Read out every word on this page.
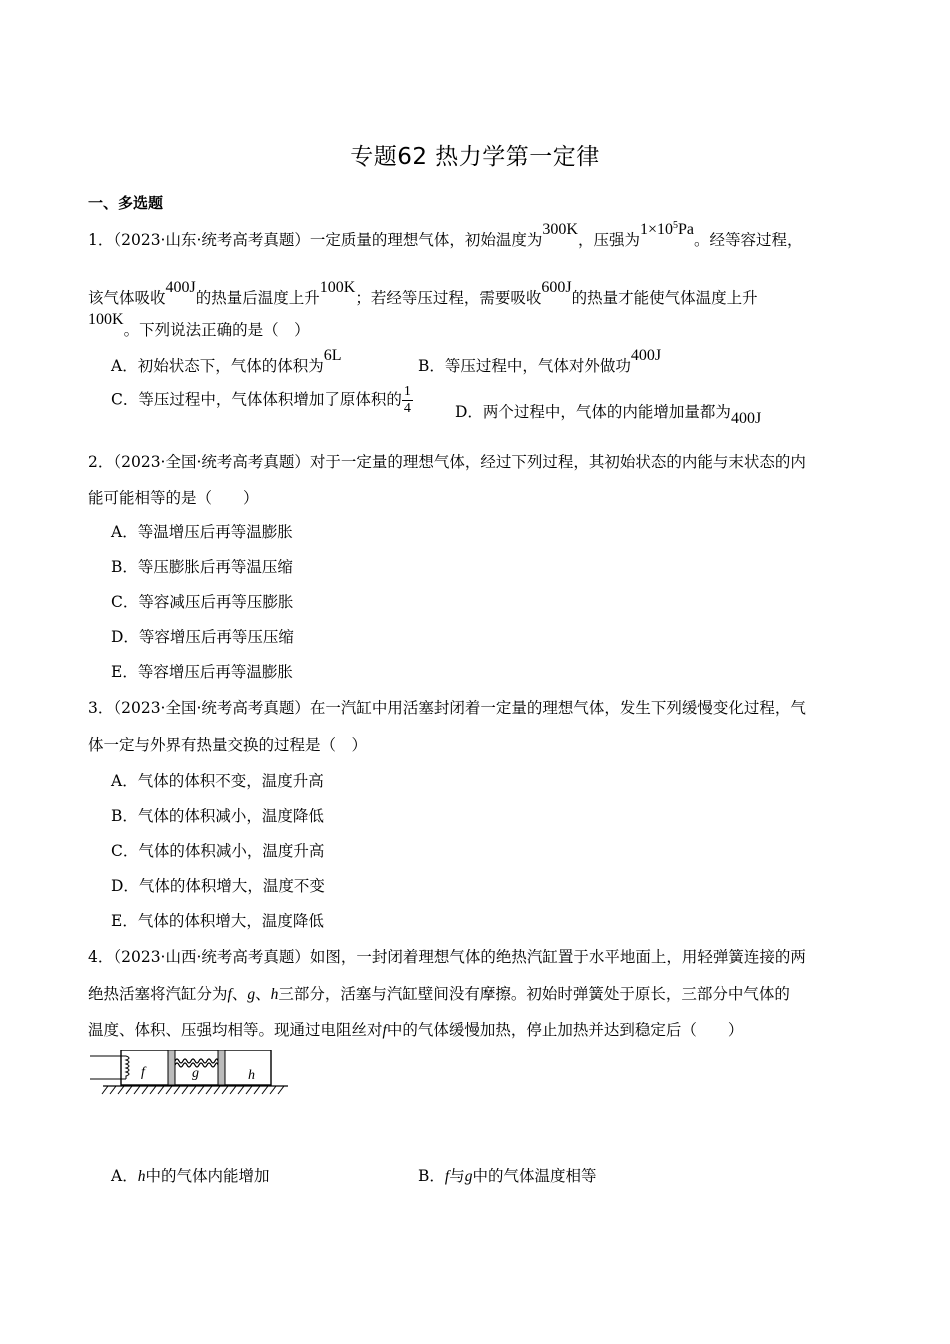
专题62 热力学第一定律
一、多选题
1．（2023·山东·统考高考真题）一定质量的理想气体，初始温度为300K，压强为$1\times 10^5Pa$。经等容过程，
该气体吸收400J的热量后温度上升100K；若经等压过程，需要吸收600J的热量才能使气体温度上升
100K。下列说法正确的是（　）
A．初始状态下，气体的体积为6L
B．等压过程中，气体对外做功400J
C．等压过程中，气体体积增加了原体积的 $\frac{1}{4}$	D．两个过程中，气体的内能增加量都为400J
2．（2023·全国·统考高考真题）对于一定量的理想气体，经过下列过程，其初始状态的内能与末状态的内
能可能相等的是（　　）
A．等温增压后再等温膨胀
B．等压膨胀后再等温压缩
C．等容减压后再等压膨胀
D．等容增压后再等压压缩
E．等容增压后再等温膨胀
3．（2023·全国·统考高考真题）在一汽缸中用活塞封闭着一定量的理想气体，发生下列缓慢变化过程，气
体一定与外界有热量交换的过程是（　）
A．气体的体积不变，温度升高
B．气体的体积减小，温度降低
C．气体的体积减小，温度升高
D．气体的体积增大，温度不变
E．气体的体积增大，温度降低
4．（2023·山西·统考高考真题）如图，一封闭着理想气体的绝热汽缸置于水平地面上，用轻弹簧连接的两
绝热活塞将汽缸分为f、g、h三部分，活塞与汽缸壁间没有摩擦。初始时弹簧处于原长，三部分中气体的
温度、体积、压强均相等。现通过电阻丝对f中的气体缓慢加热，停止加热并达到稳定后（　　）
f	g	h
A．h中的气体内能增加	B．f与g中的气体温度相等
